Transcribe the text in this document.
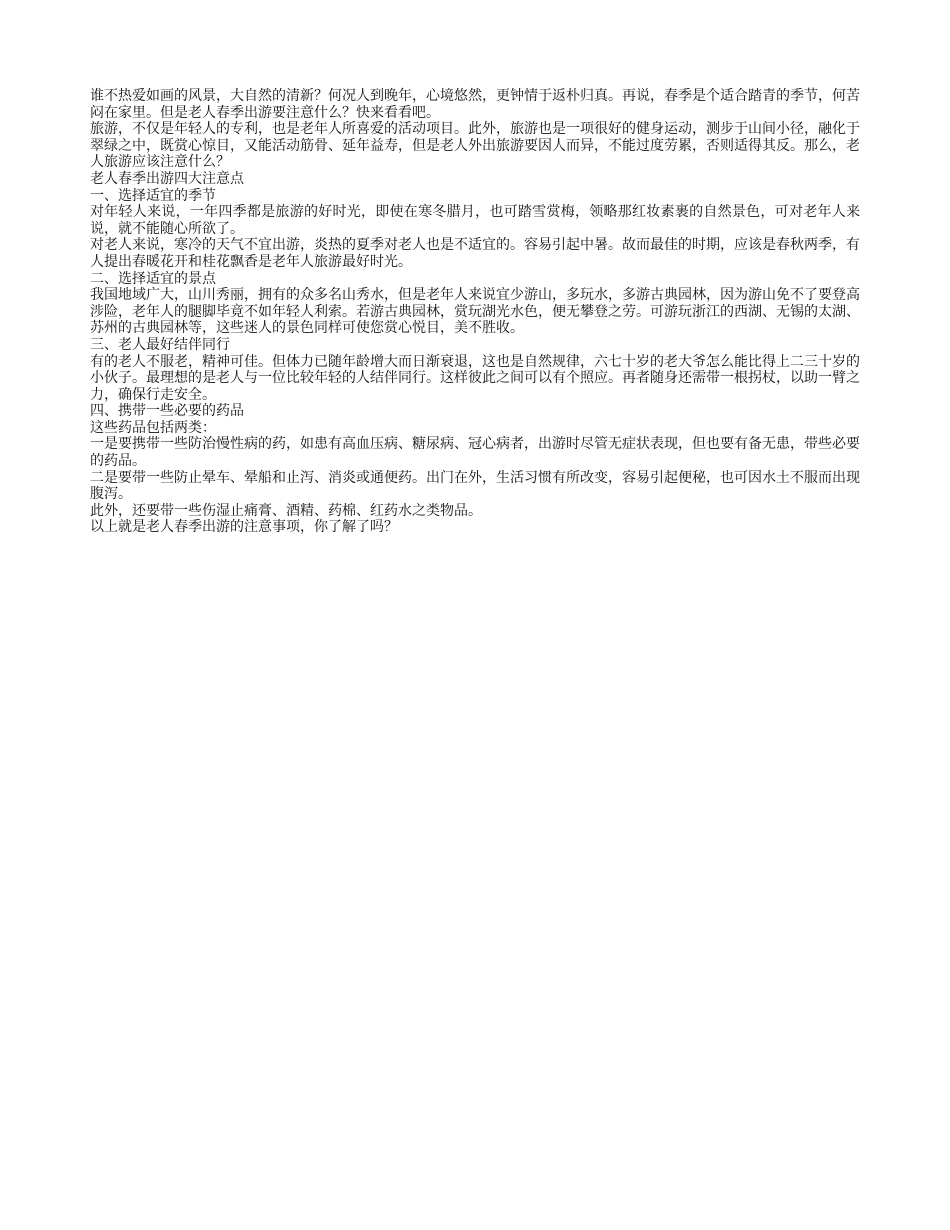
谁不热爱如画的风景，大自然的清新？何况人到晚年，心境悠然，更钟情于返朴归真。再说，春季是个适合踏青的季节，何苦闷在家里。但是老人春季出游要注意什么？快来看看吧。

旅游，不仅是年轻人的专利，也是老年人所喜爱的活动项目。此外，旅游也是一项很好的健身运动，测步于山间小径，融化于翠绿之中，既赏心惊目，又能活动筋骨、延年益寿，但是老人外出旅游要因人而异，不能过度劳累，否则适得其反。那么，老人旅游应该注意什么？

老人春季出游四大注意点

一、选择适宜的季节

对年轻人来说，一年四季都是旅游的好时光，即使在寒冬腊月，也可踏雪赏梅，领略那红妆素裹的自然景色，可对老年人来说，就不能随心所欲了。

对老人来说，寒冷的天气不宜出游，炎热的夏季对老人也是不适宜的。容易引起中暑。故而最佳的时期，应该是春秋两季，有人提出春暖花开和桂花飘香是老年人旅游最好时光。

二、选择适宜的景点

我国地域广大，山川秀丽，拥有的众多名山秀水，但是老年人来说宜少游山，多玩水，多游古典园林，因为游山免不了要登高涉险，老年人的腿脚毕竟不如年轻人利索。若游古典园林，赏玩湖光水色，便无攀登之劳。可游玩浙江的西湖、无锡的太湖、苏州的古典园林等，这些迷人的景色同样可使您赏心悦目，美不胜收。

三、老人最好结伴同行

有的老人不服老，精神可佳。但体力已随年龄增大而日渐衰退，这也是自然规律，六七十岁的老大爷怎么能比得上二三十岁的小伙子。最理想的是老人与一位比较年轻的人结伴同行。这样彼此之间可以有个照应。再者随身还需带一根拐杖，以助一臂之力，确保行走安全。

四、携带一些必要的药品

这些药品包括两类：

一是要携带一些防治慢性病的药，如患有高血压病、糖尿病、冠心病者，出游时尽管无症状表现，但也要有备无患，带些必要的药品。

二是要带一些防止晕车、晕船和止泻、消炎或通便药。出门在外，生活习惯有所改变，容易引起便秘，也可因水土不服而出现腹泻。

此外，还要带一些伤湿止痛膏、酒精、药棉、红药水之类物品。

以上就是老人春季出游的注意事项，你了解了吗？
